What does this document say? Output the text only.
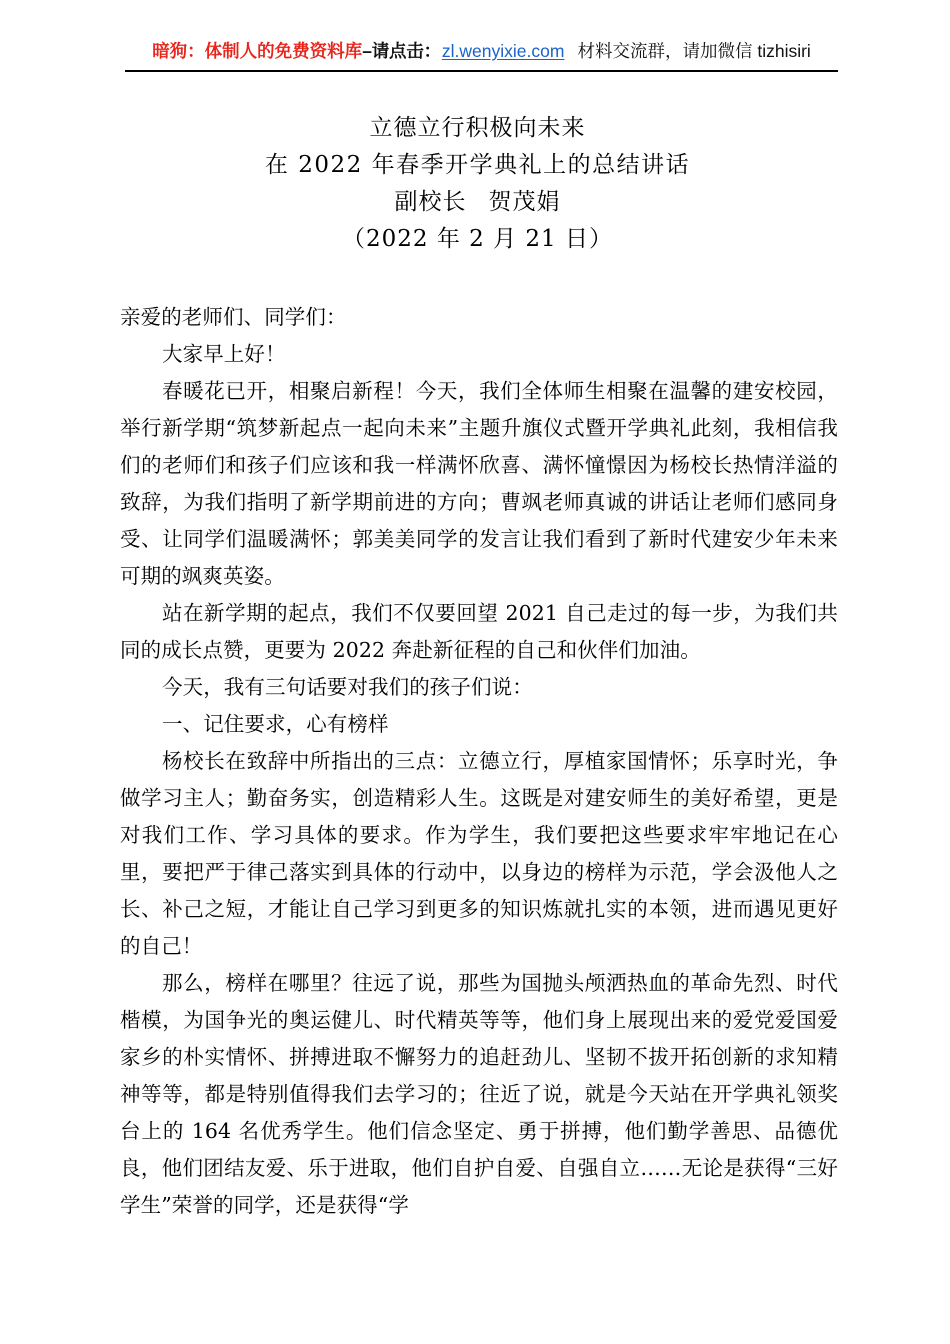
暗狗：体制人的免费资料库–请点击：zl.wenyixie.com 材料交流群，请加微信 tizhisiri
立德立行积极向未来
在 2022 年春季开学典礼上的总结讲话
副校长 贺茂娟
（2022 年 2 月 21 日）

亲爱的老师们、同学们：

大家早上好！

春暖花已开，相聚启新程！今天，我们全体师生相聚在温馨的建安校园，举行新学期“筑梦新起点一起向未来”主题升旗仪式暨开学典礼此刻，我相信我们的老师们和孩子们应该和我一样满怀欣喜、满怀憧憬因为杨校长热情洋溢的致辞，为我们指明了新学期前进的方向；曹飒老师真诚的讲话让老师们感同身受、让同学们温暖满怀；郭美美同学的发言让我们看到了新时代建安少年未来可期的飒爽英姿。

站在新学期的起点，我们不仅要回望 2021 自己走过的每一步，为我们共同的成长点赞，更要为 2022 奔赴新征程的自己和伙伴们加油。

今天，我有三句话要对我们的孩子们说：

一、记住要求，心有榜样

杨校长在致辞中所指出的三点：立德立行，厚植家国情怀；乐享时光，争做学习主人；勤奋务实，创造精彩人生。这既是对建安师生的美好希望，更是对我们工作、学习具体的要求。作为学生，我们要把这些要求牢牢地记在心里，要把严于律己落实到具体的行动中，以身边的榜样为示范，学会汲他人之长、补己之短，才能让自己学习到更多的知识炼就扎实的本领，进而遇见更好的自己！

那么，榜样在哪里？往远了说，那些为国抛头颅洒热血的革命先烈、时代楷模，为国争光的奥运健儿、时代精英等等，他们身上展现出来的爱党爱国爱家乡的朴实情怀、拼搏进取不懈努力的追赶劲儿、坚韧不拔开拓创新的求知精神等等，都是特别值得我们去学习的；往近了说，就是今天站在开学典礼领奖台上的 164 名优秀学生。他们信念坚定、勇于拼搏，他们勤学善思、品德优良，他们团结友爱、乐于进取，他们自护自爱、自强自立……无论是获得“三好学生”荣誉的同学，还是获得“学
